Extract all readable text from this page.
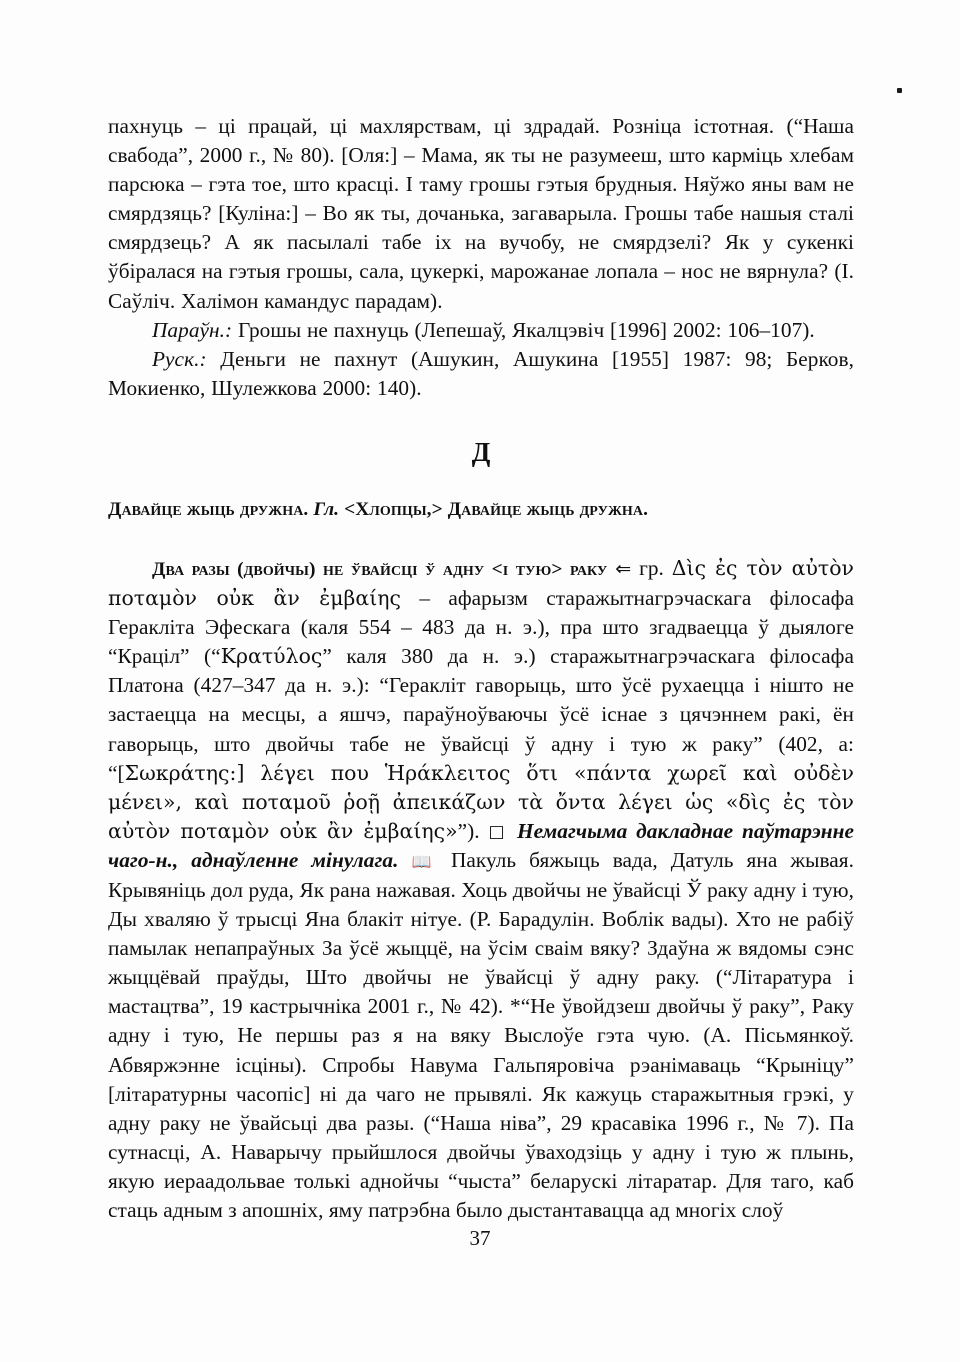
пахнуць – ці працай, ці махлярствам, ці здрадай. Розніца істотная. (“Наша свабода”, 2000 г., № 80). [Оля:] – Мама, як ты не разумееш, што карміць хлебам парсюка – гэта тое, што красці. І таму грошы гэтыя брудныя. Няўжо яны вам не смярдзяць? [Куліна:] – Во як ты, дочанька, загаварыла. Грошы табе нашыя сталі смярдзець? А як пасылалі табе іх на вучобу, не смярдзелі? Як у сукенкі ўбіралася на гэтыя грошы, сала, цукеркі, марожанае лопала – нос не вярнула? (І. Саўліч. Халімон камандус парадам).

Параўн.: Грошы не пахнуць (Лепешаў, Якалцэвіч [1996] 2002: 106–107).

Руск.: Деньги не пахнут (Ашукин, Ашукина [1955] 1987: 98; Берков, Мокиенко, Шулежкова 2000: 140).

Д

Давайце жыць дружна. Гл. <Хлопцы,> Давайце жыць дружна.

Два разы (двойчы) не ўвайсці ў адну <і тую> раку ⇐ гр. Δὶς ἐς τὸν αὐτὸν ποταμὸν οὐκ ἂν ἐμβαίης – афарызм старажытнагрэчаскага філосафа Геракліта Эфескага (каля 554 – 483 да н. э.), пра што згадваецца ў дыялоге “Краціл” (“Κρατύλος” каля 380 да н. э.) старажытнагрэчаскага філосафа Платона (427–347 да н. э.): “Геракліт гаворыць, што ўсё рухаецца і нішто не застаецца на месцы, а яшчэ, параўноўваючы ўсё існае з цячэннем ракі, ён гаворыць, што двойчы табе не ўвайсці ў адну і тую ж раку” (402, а: “[Σωκράτης:] λέγει που Ἡράκλειτος ὅτι «πάντα χωρεῖ καὶ οὐδὲν μένει», καὶ ποταμοῦ ῥοῇ ἀπεικάζων τὰ ὄντα λέγει ὡς «δὶς ἐς τὸν αὐτὸν ποταμὸν οὐκ ἂν ἐμβαίης»”). □ Немагчыма дакладнае паўтарэнне чаго-н., аднаўленне мінулага. 📖 Пакуль бяжыць вада, Датуль яна жывая. Крывяніць дол руда, Як рана нажавая. Хоць двойчы не ўвайсці Ў раку адну і тую, Ды хваляю ў трысці Яна блакіт нітуе. (Р. Барадулін. Воблік вады). Хто не рабіў памылак непапраўных За ўсё жыццё, на ўсім сваім вяку? Здаўна ж вядомы сэнс жыццёвай праўды, Што двойчы не ўвайсці ў адну раку. (“Літаратура і мастацтва”, 19 кастрычніка 2001 г., № 42). *“Не ўвойдзеш двойчы ў раку”, Раку адну і тую, Не першы раз я на вяку Выслоўе гэта чую. (А. Пісьмянкоў. Абвяржэнне ісціны). Спробы Навума Гальпяровіча рэанімаваць “Крыніцу” [літаратурны часопіс] ні да чаго не прывялі. Як кажуць старажытныя грэкі, у адну раку не ўвайсьці два разы. (“Наша ніва”, 29 красавіка 1996 г., № 7). Па сутнасці, А. Наварычу прыйшлося двойчы ўваходзіць у адну і тую ж плынь, якую иераадольвае толькі аднойчы “чыста” беларускі літаратар. Для таго, каб стаць адным з апошніх, яму патрэбна было дыстантавацца ад многіх слоў

37
